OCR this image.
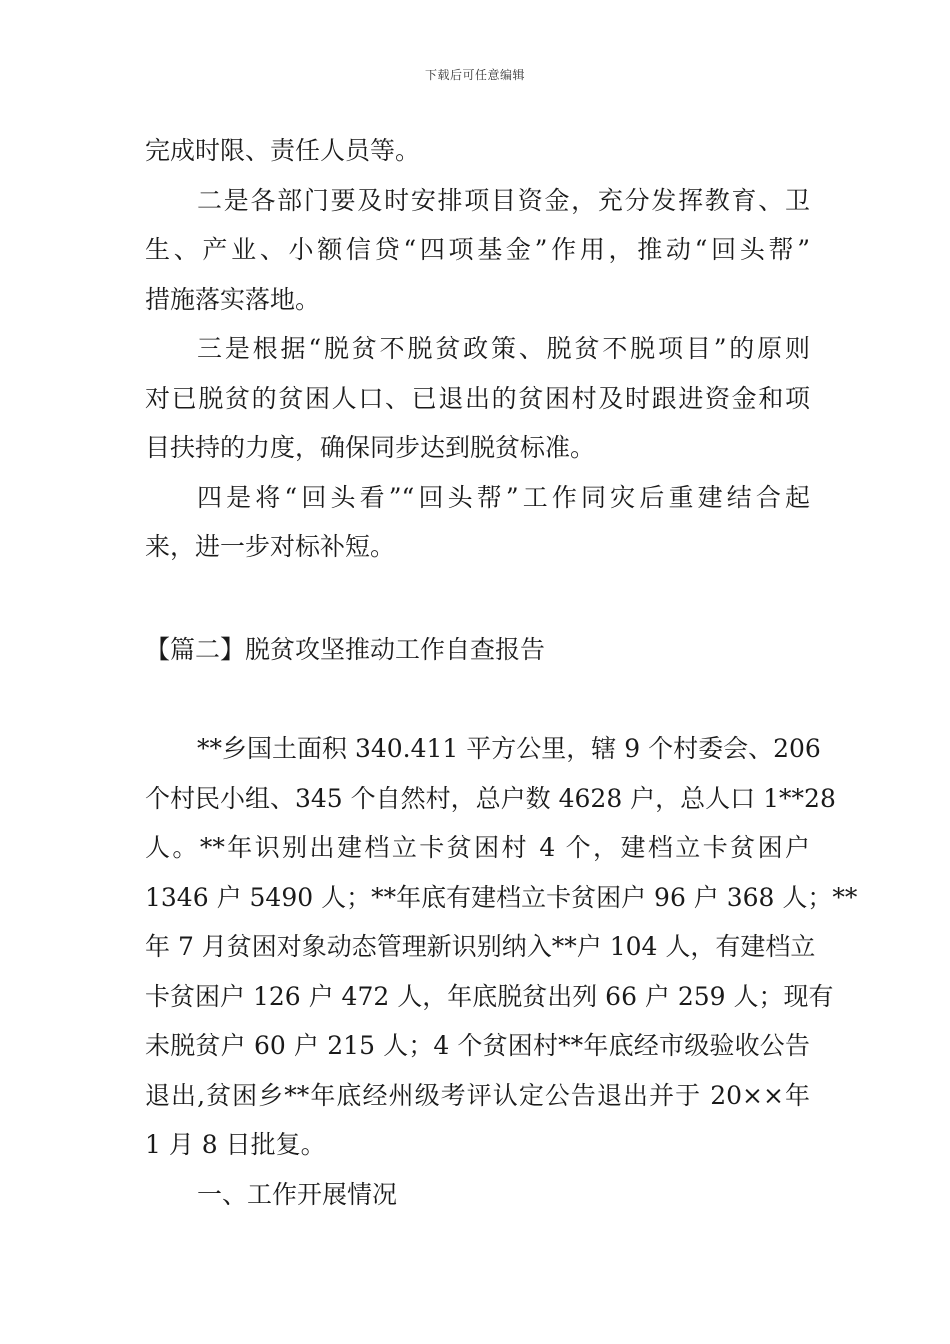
下载后可任意编辑
完成时限、责任人员等。
二是各部门要及时安排项目资金，充分发挥教育、卫
生、产业、小额信贷“四项基金”作用，推动“回头帮”
措施落实落地。
三是根据“脱贫不脱贫政策、脱贫不脱项目”的原则
对已脱贫的贫困人口、已退出的贫困村及时跟进资金和项
目扶持的力度，确保同步达到脱贫标准。
四是将“回头看”“回头帮”工作同灾后重建结合起
来，进一步对标补短。
【篇二】脱贫攻坚推动工作自查报告
**乡国土面积 340.411 平方公里，辖 9 个村委会、206
个村民小组、345 个自然村，总户数 4628 户，总人口 1**28
人。**年识别出建档立卡贫困村 4 个，建档立卡贫困户
1346 户 5490 人；**年底有建档立卡贫困户 96 户 368 人；**
年 7 月贫困对象动态管理新识别纳入**户 104 人，有建档立
卡贫困户 126 户 472 人，年底脱贫出列 66 户 259 人；现有
未脱贫户 60 户 215 人；4 个贫困村**年底经市级验收公告
退出,贫困乡**年底经州级考评认定公告退出并于 20××年
1 月 8 日批复。
一、工作开展情况
